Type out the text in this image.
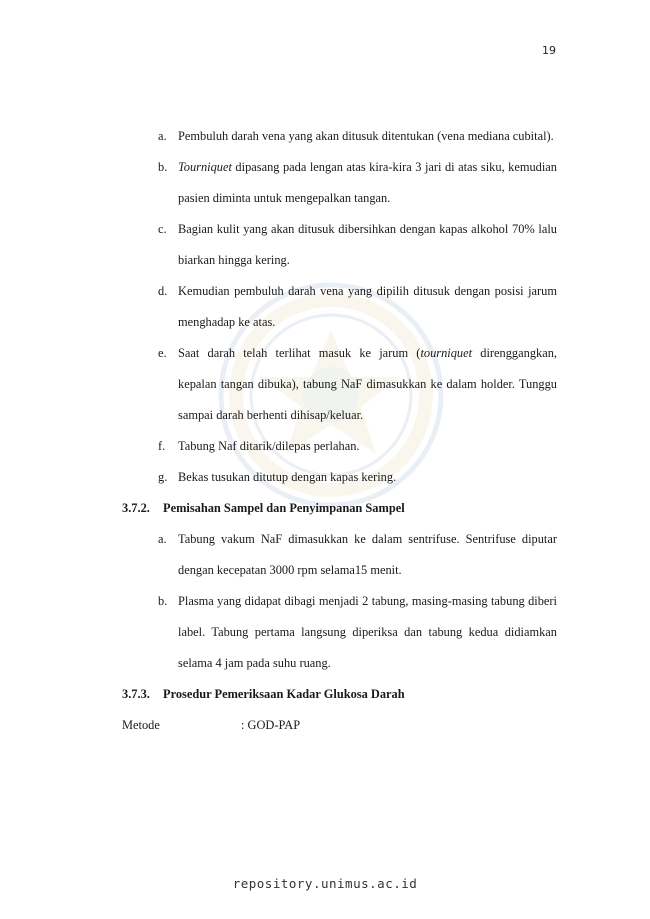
19
a. Pembuluh darah vena yang akan ditusuk ditentukan (vena mediana cubital).

b. Tourniquet dipasang pada lengan atas kira-kira 3 jari di atas siku, kemudian pasien diminta untuk mengepalkan tangan.

c. Bagian kulit yang akan ditusuk dibersihkan dengan kapas alkohol 70% lalu biarkan hingga kering.

d. Kemudian pembuluh darah vena yang dipilih ditusuk dengan posisi jarum menghadap ke atas.

e. Saat darah telah terlihat masuk ke jarum (tourniquet direnggangkan, kepalan tangan dibuka), tabung NaF dimasukkan ke dalam holder. Tunggu sampai darah berhenti dihisap/keluar.

f. Tabung Naf ditarik/dilepas perlahan.

g. Bekas tusukan ditutup dengan kapas kering.

3.7.2. Pemisahan Sampel dan Penyimpanan Sampel
a. Tabung vakum NaF dimasukkan ke dalam sentrifuse. Sentrifuse diputar dengan kecepatan 3000 rpm selama15 menit.

b. Plasma yang didapat dibagi menjadi 2 tabung, masing-masing tabung diberi label. Tabung pertama langsung diperiksa dan tabung kedua didiamkan selama 4 jam pada suhu ruang.

3.7.3. Prosedur Pemeriksaan Kadar Glukosa Darah
Metode	: GOD-PAP
repository.unimus.ac.id
